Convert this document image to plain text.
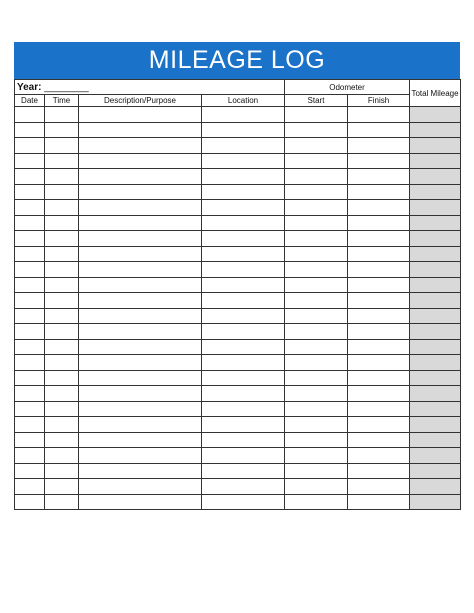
MILEAGE LOG
Year: ________				Odometer		Total Mileage
Date	Time	Description/Purpose	Location	Start	Finish	
